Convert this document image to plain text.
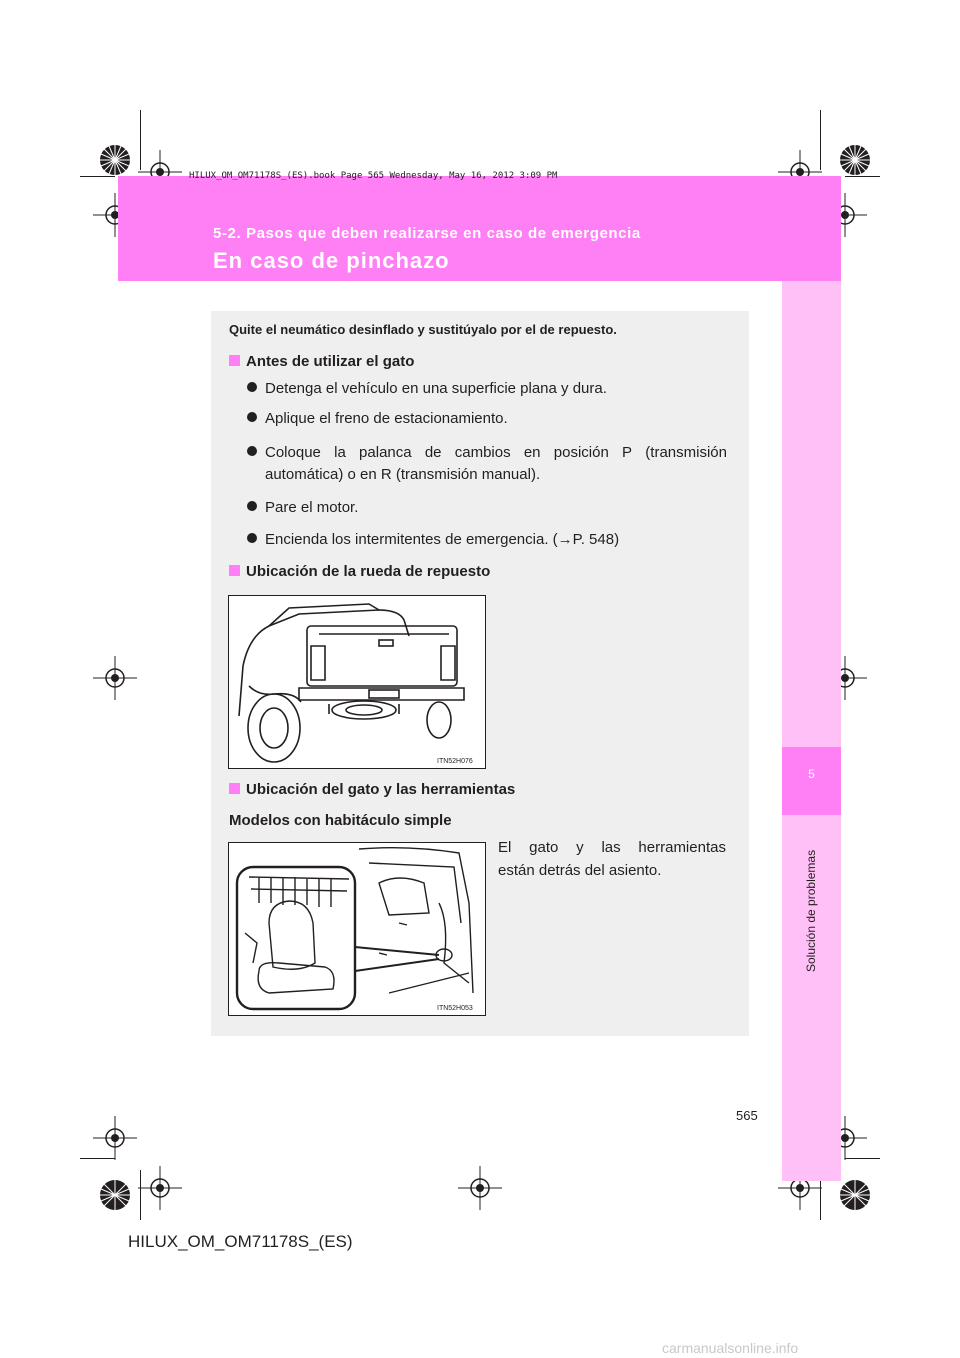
HILUX_OM_OM71178S_(ES).book Page 565 Wednesday, May 16, 2012 3:09 PM
5-2. Pasos que deben realizarse en caso de emergencia
En caso de pinchazo
5
Solución de problemas
Quite el neumático desinflado y sustitúyalo por el de repuesto.
Antes de utilizar el gato
Detenga el vehículo en una superficie plana y dura.
Aplique el freno de estacionamiento.
Coloque la palanca de cambios en posición P (transmisión
automática) o en R (transmisión manual).
Pare el motor.
Encienda los intermitentes de emergencia. (→P. 548)
Ubicación de la rueda de repuesto
ITN52H076
Ubicación del gato y las herramientas
Modelos con habitáculo simple
El gato y las herramientas
están detrás del asiento.
ITN52H053
565
HILUX_OM_OM71178S_(ES)
carmanualsonline.info
